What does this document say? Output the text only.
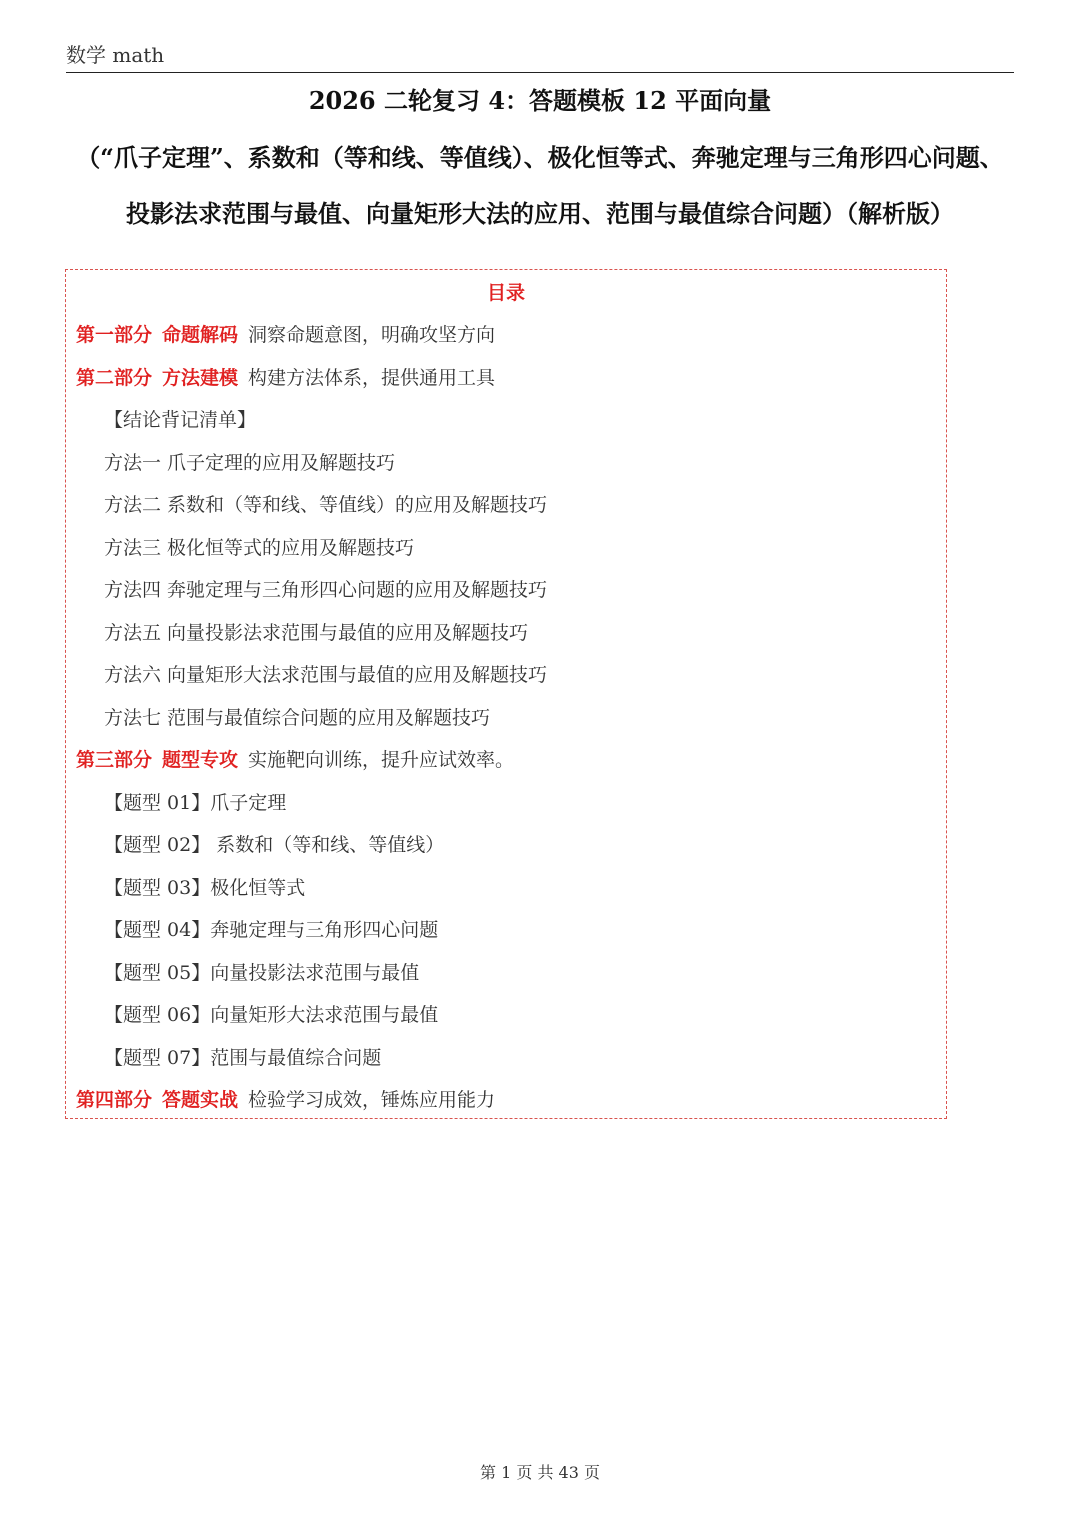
数学 math
2026 二轮复习 4：答题模板 12 平面向量
（“爪子定理”、系数和（等和线、等值线）、极化恒等式、奔驰定理与三角形四心问题、
投影法求范围与最值、向量矩形大法的应用、范围与最值综合问题）（解析版）
目录
第一部分 命题解码 洞察命题意图，明确攻坚方向
第二部分 方法建模 构建方法体系，提供通用工具
【结论背记清单】
方法一 爪子定理的应用及解题技巧
方法二 系数和（等和线、等值线）的应用及解题技巧
方法三 极化恒等式的应用及解题技巧
方法四 奔驰定理与三角形四心问题的应用及解题技巧
方法五 向量投影法求范围与最值的应用及解题技巧
方法六 向量矩形大法求范围与最值的应用及解题技巧
方法七 范围与最值综合问题的应用及解题技巧
第三部分 题型专攻 实施靶向训练，提升应试效率。
【题型 01】爪子定理
【题型 02】 系数和（等和线、等值线）
【题型 03】极化恒等式
【题型 04】奔驰定理与三角形四心问题
【题型 05】向量投影法求范围与最值
【题型 06】向量矩形大法求范围与最值
【题型 07】范围与最值综合问题
第四部分 答题实战 检验学习成效，锤炼应用能力
第 1 页 共 43 页
